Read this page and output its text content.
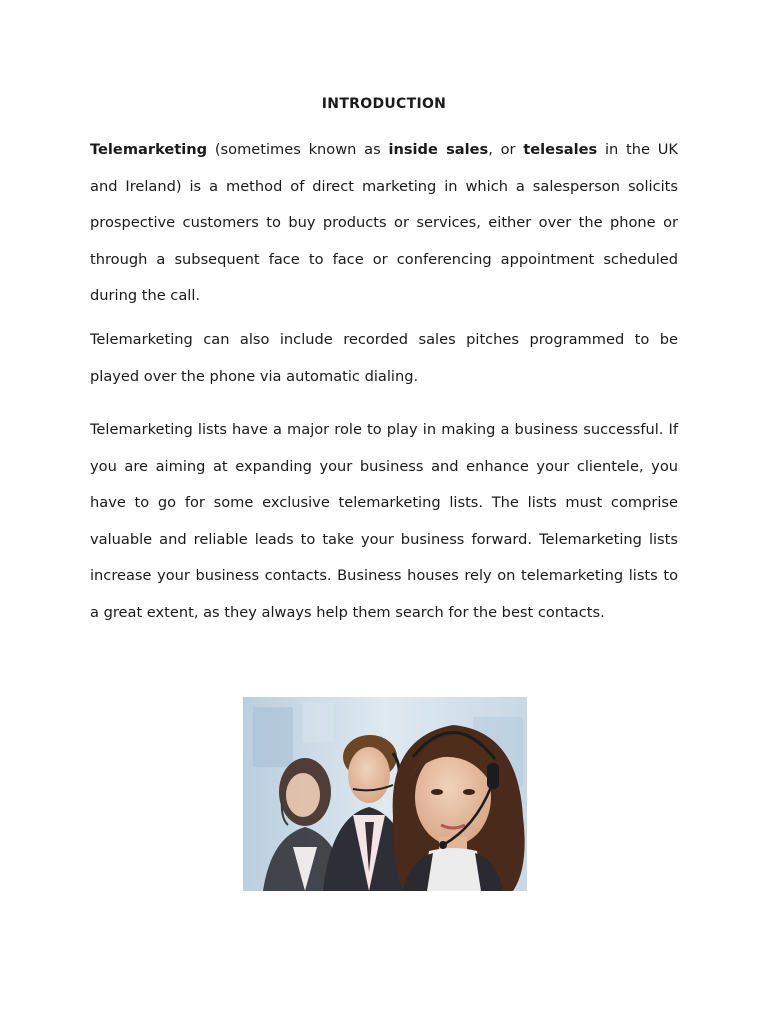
INTRODUCTION

Telemarketing (sometimes known as inside sales, or telesales in the UK and Ireland) is a method of direct marketing in which a salesperson solicits prospective customers to buy products or services, either over the phone or through a subsequent face to face or conferencing appointment scheduled during the call.

Telemarketing can also include recorded sales pitches programmed to be played over the phone via automatic dialing.

Telemarketing lists have a major role to play in making a business successful. If you are aiming at expanding your business and enhance your clientele, you have to go for some exclusive telemarketing lists. The lists must comprise valuable and reliable leads to take your business forward. Telemarketing lists increase your business contacts. Business houses rely on telemarketing lists to a great extent, as they always help them search for the best contacts.
